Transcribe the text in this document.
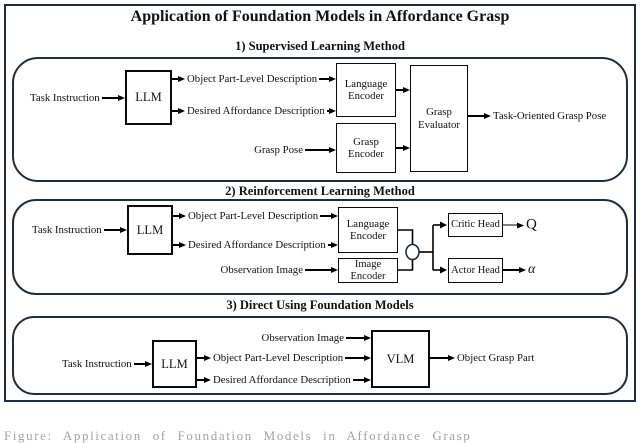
Application of Foundation Models in Affordance Grasp
1) Supervised Learning Method
2) Reinforcement Learning Method
3) Direct Using Foundation Models
Task Instruction
Object Part-Level Description
Desired Affordance Description
Grasp Pose
Task-Oriented Grasp Pose
Task Instruction
Object Part-Level Description
Desired Affordance Description
Observation Image
Q
α
Task Instruction
Observation Image
Object Part-Level Description
Desired Affordance Description
Object Grasp Part
LLM
Language Encoder
Grasp Encoder
Grasp Evaluator
LLM	Language Encoder
Image Encoder
Critic Head
Actor Head
LLM	VLM
Figure: Application of Foundation Models in Affordance Grasp
